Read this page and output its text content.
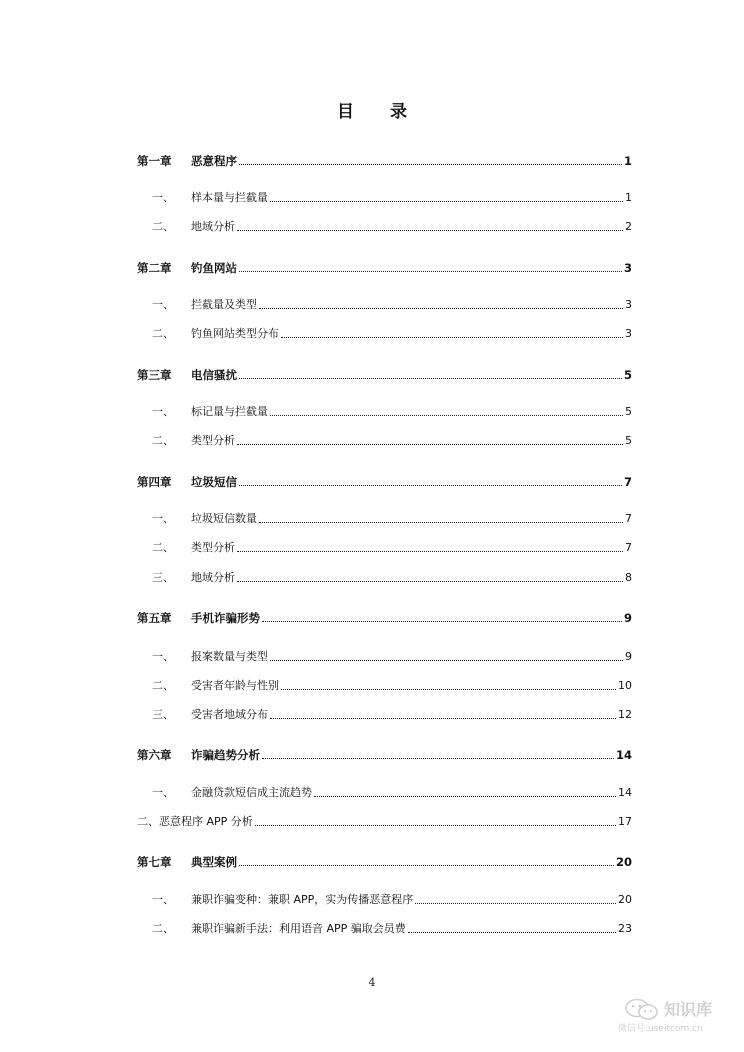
目 录
第一章	恶意程序	1
一、	样本量与拦截量	1
二、	地域分析	2
第二章	钓鱼网站	3
一、	拦截量及类型	3
二、	钓鱼网站类型分布	3
第三章	电信骚扰	5
一、	标记量与拦截量	5
二、	类型分析	5
第四章	垃圾短信	7
一、	垃圾短信数量	7
二、	类型分析	7
三、	地域分析	8
第五章	手机诈骗形势	9
一、	报案数量与类型	9
二、	受害者年龄与性别	10
三、	受害者地域分布	12
第六章	诈骗趋势分析	14
一、	金融贷款短信成主流趋势	14
二、 恶意程序 APP 分析	17
第七章	典型案例	20
一、	兼职诈骗变种：兼职 APP，实为传播恶意程序	20
二、	兼职诈骗新手法：利用语音 APP 骗取会员费	23
4
知识库
微信号:useitcom.cn
